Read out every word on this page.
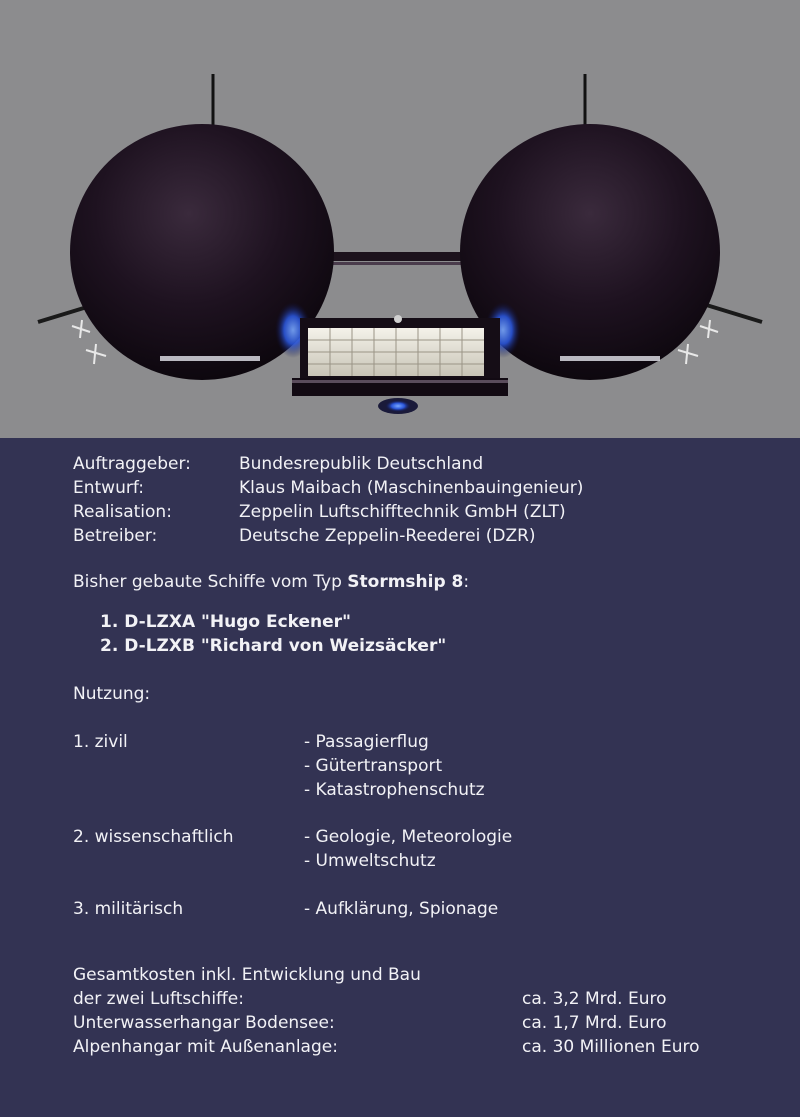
Auftraggeber:	Bundesrepublik Deutschland
Entwurf:	Klaus Maibach (Maschinenbauingenieur)
Realisation:	Zeppelin Luftschifftechnik GmbH (ZLT)
Betreiber:	Deutsche Zeppelin-Reederei (DZR)
Bisher gebaute Schiffe vom Typ Stormship 8:
1. D-LZXA "Hugo Eckener"
2. D-LZXB "Richard von Weizsäcker"
Nutzung:
1. zivil	- Passagierflug
- Gütertransport
- Katastrophenschutz
2. wissenschaftlich	- Geologie, Meteorologie
- Umweltschutz
3. militärisch	- Aufklärung, Spionage
Gesamtkosten inkl. Entwicklung und Bau
der zwei Luftschiffe:	ca. 3,2 Mrd. Euro
Unterwasserhangar Bodensee:	ca. 1,7 Mrd. Euro
Alpenhangar mit Außenanlage:	ca. 30 Millionen Euro
